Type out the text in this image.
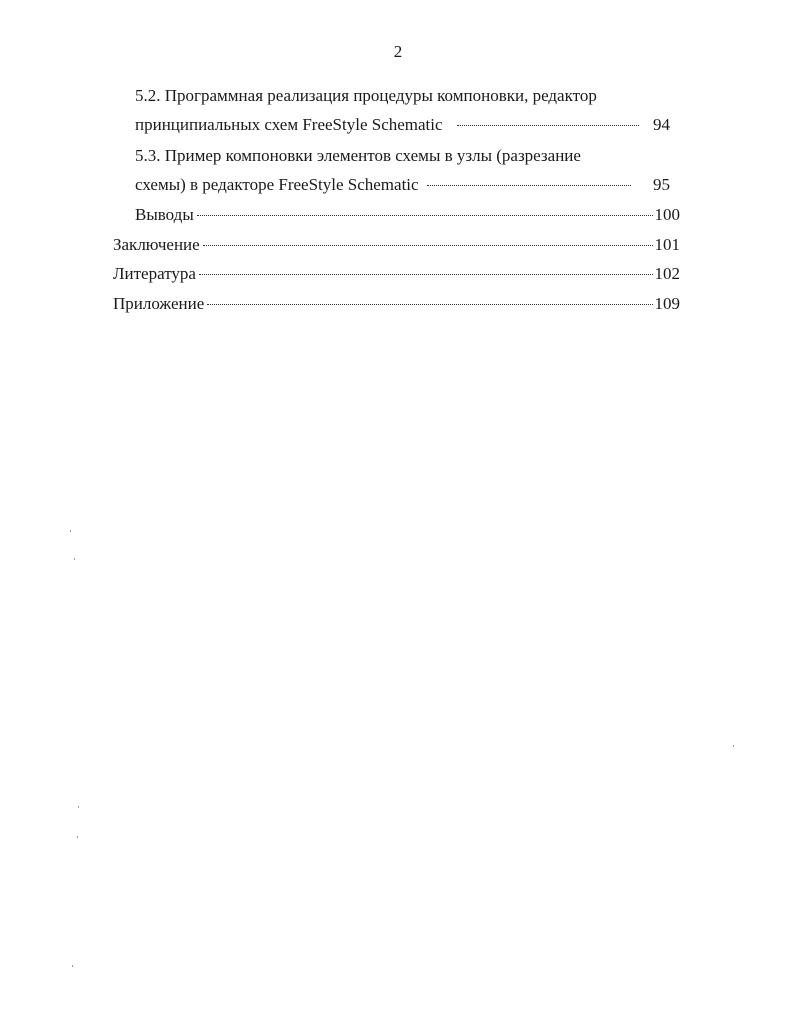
2
5.2. Программная реализация процедуры компоновки, редактор
принципиальных схем FreeStyle Schematic	94
5.3. Пример компоновки элементов схемы в узлы (разрезание
схемы) в редакторе FreeStyle Schematic	95
Выводы	100
Заключение	101
Литература	102
Приложение	109
